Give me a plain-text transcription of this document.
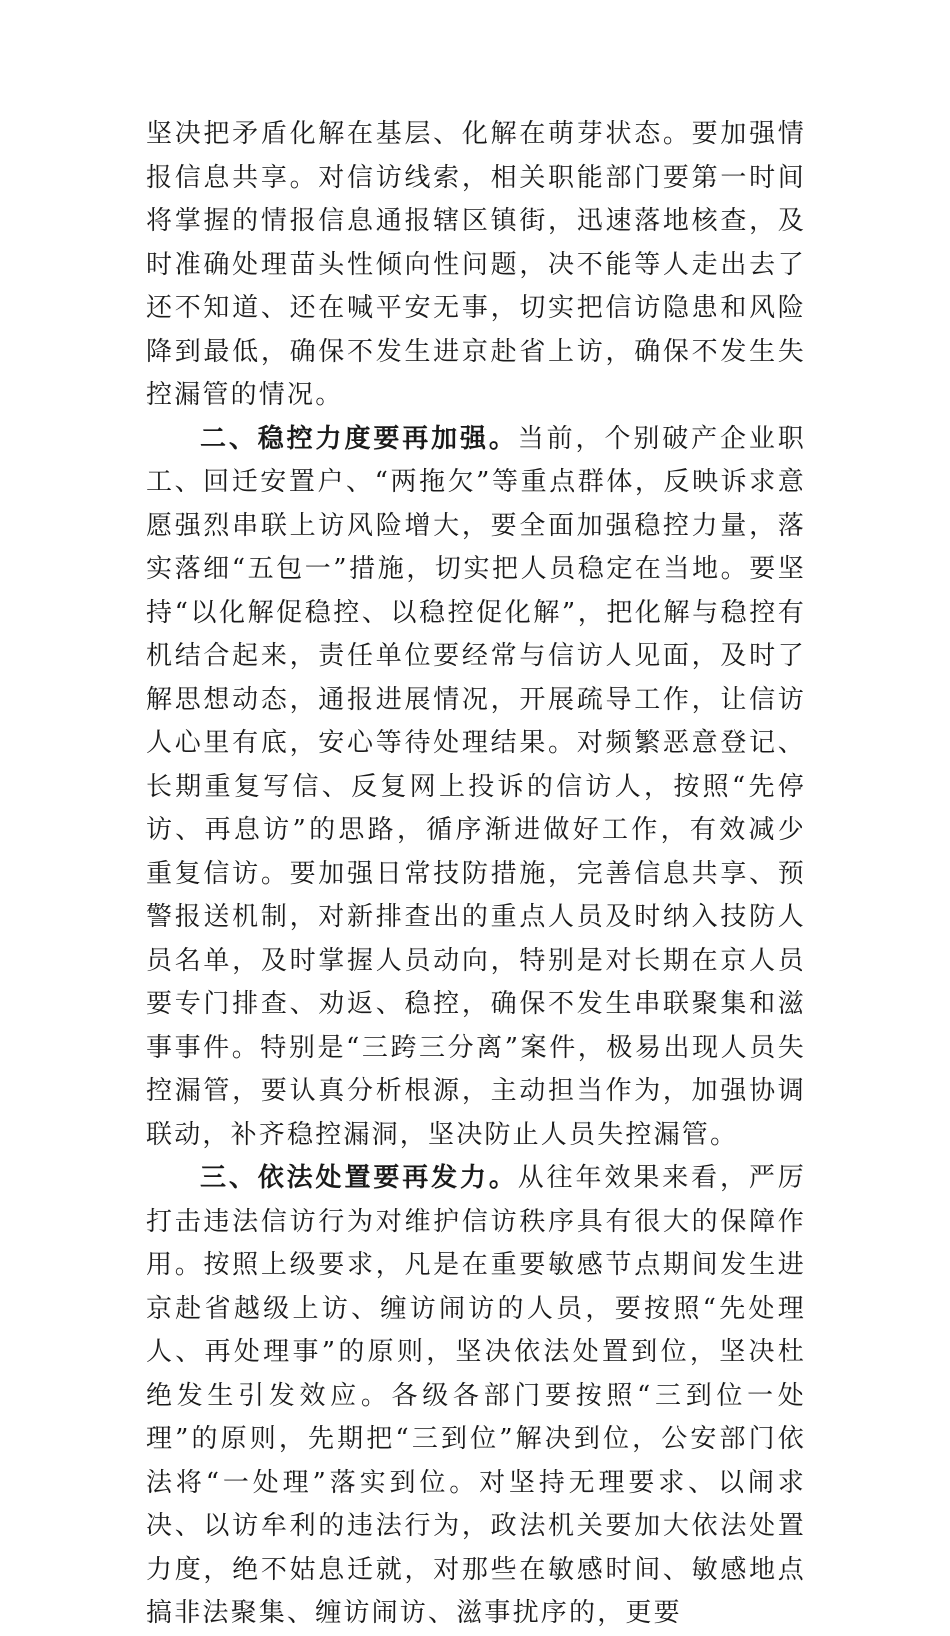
坚决把矛盾化解在基层、化解在萌芽状态。要加强情报信息共享。对信访线索，相关职能部门要第一时间将掌握的情报信息通报辖区镇街，迅速落地核查，及时准确处理苗头性倾向性问题，决不能等人走出去了还不知道、还在喊平安无事，切实把信访隐患和风险降到最低，确保不发生进京赴省上访，确保不发生失控漏管的情况。

二、稳控力度要再加强。当前，个别破产企业职工、回迁安置户、“两拖欠”等重点群体，反映诉求意愿强烈串联上访风险增大，要全面加强稳控力量，落实落细“五包一”措施，切实把人员稳定在当地。要坚持“以化解促稳控、以稳控促化解”，把化解与稳控有机结合起来，责任单位要经常与信访人见面，及时了解思想动态，通报进展情况，开展疏导工作，让信访人心里有底，安心等待处理结果。对频繁恶意登记、长期重复写信、反复网上投诉的信访人，按照“先停访、再息访”的思路，循序渐进做好工作，有效减少重复信访。要加强日常技防措施，完善信息共享、预警报送机制，对新排查出的重点人员及时纳入技防人员名单，及时掌握人员动向，特别是对长期在京人员要专门排查、劝返、稳控，确保不发生串联聚集和滋事事件。特别是“三跨三分离”案件，极易出现人员失控漏管，要认真分析根源，主动担当作为，加强协调联动，补齐稳控漏洞，坚决防止人员失控漏管。

三、依法处置要再发力。从往年效果来看，严厉打击违法信访行为对维护信访秩序具有很大的保障作用。按照上级要求，凡是在重要敏感节点期间发生进京赴省越级上访、缠访闹访的人员，要按照“先处理人、再处理事”的原则，坚决依法处置到位，坚决杜绝发生引发效应。各级各部门要按照“三到位一处理”的原则，先期把“三到位”解决到位，公安部门依法将“一处理”落实到位。对坚持无理要求、以闹求决、以访牟利的违法行为，政法机关要加大依法处置力度，绝不姑息迁就，对那些在敏感时间、敏感地点搞非法聚集、缠访闹访、滋事扰序的，更要
